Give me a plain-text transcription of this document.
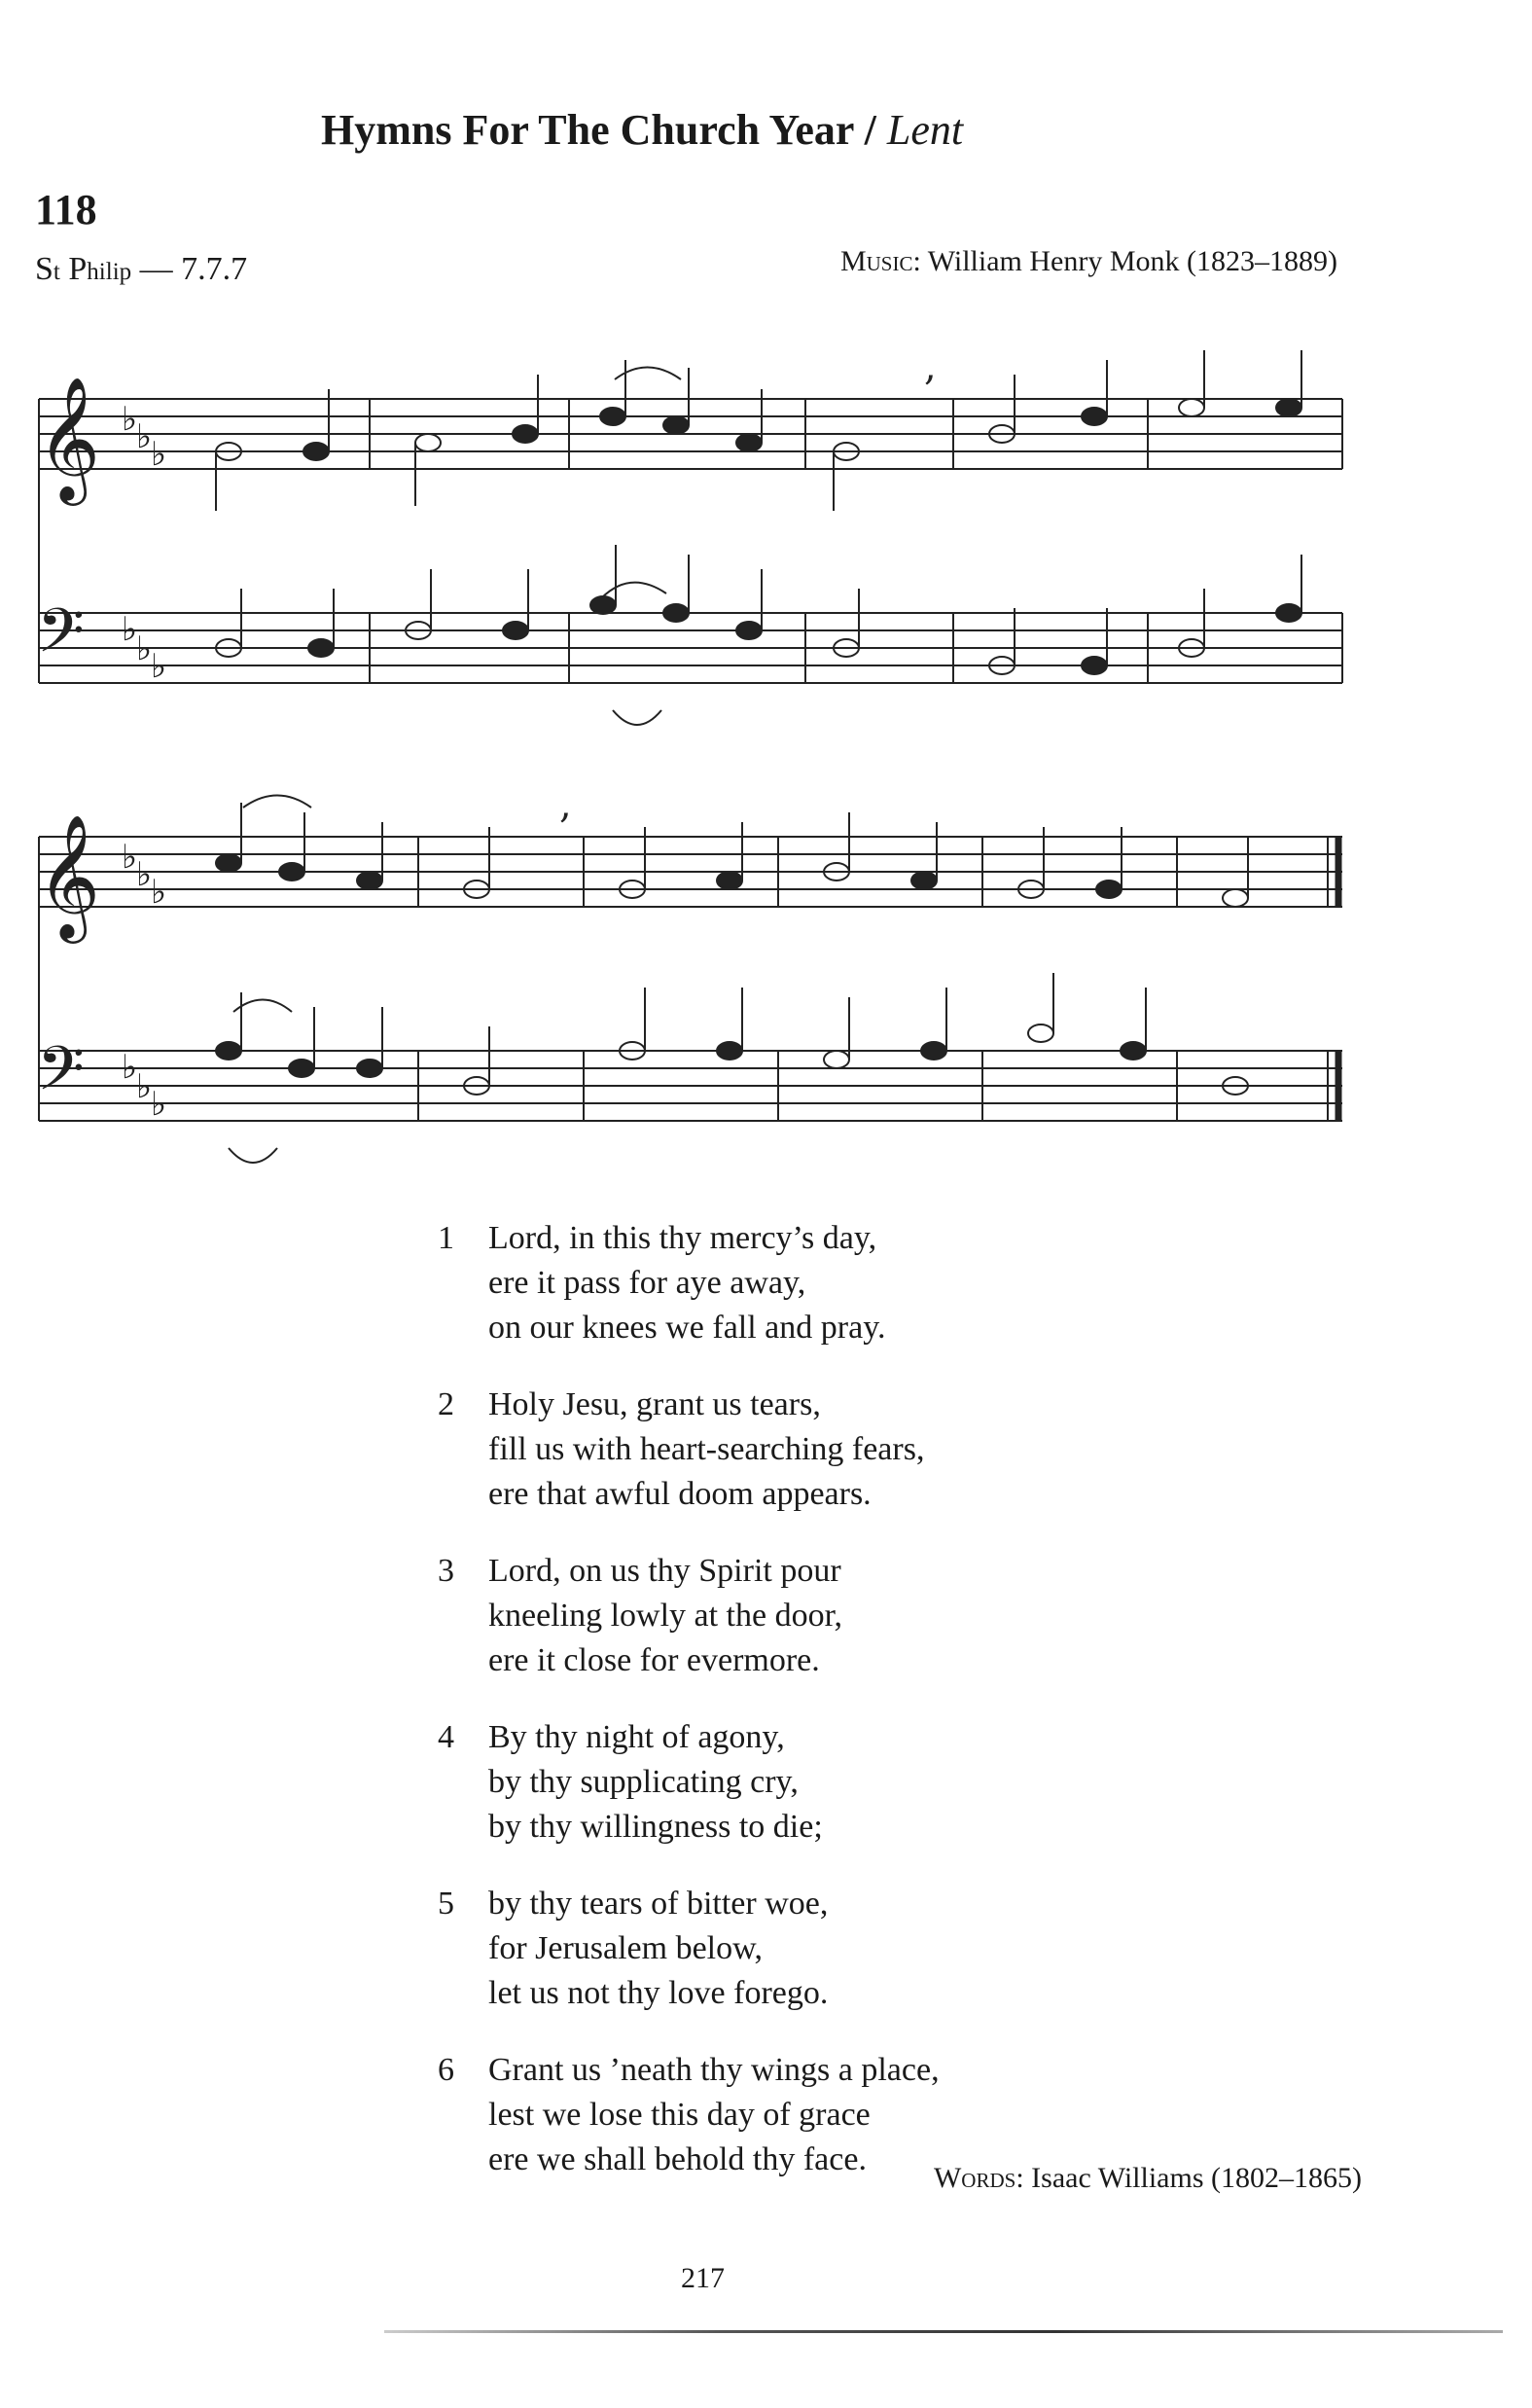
Hymns For The Church Year / Lent
118
St Philip — 7.7.7	Music: William Henry Monk (1823–1889)
𝄞
𝄢
♭
♭
♭
♭
♭
♭
,
𝄞
𝄢
♭
♭
♭
♭
♭
♭
,
1 Lord, in this thy mercy’s day,
ere it pass for aye away,
on our knees we fall and pray.
2 Holy Jesu, grant us tears,
fill us with heart-searching fears,
ere that awful doom appears.
3 Lord, on us thy Spirit pour
kneeling lowly at the door,
ere it close for evermore.
4 By thy night of agony,
by thy supplicating cry,
by thy willingness to die;
5 by thy tears of bitter woe,
for Jerusalem below,
let us not thy love forego.
6 Grant us ’neath thy wings a place,
lest we lose this day of grace
ere we shall behold thy face.
Words: Isaac Williams (1802–1865)
217
